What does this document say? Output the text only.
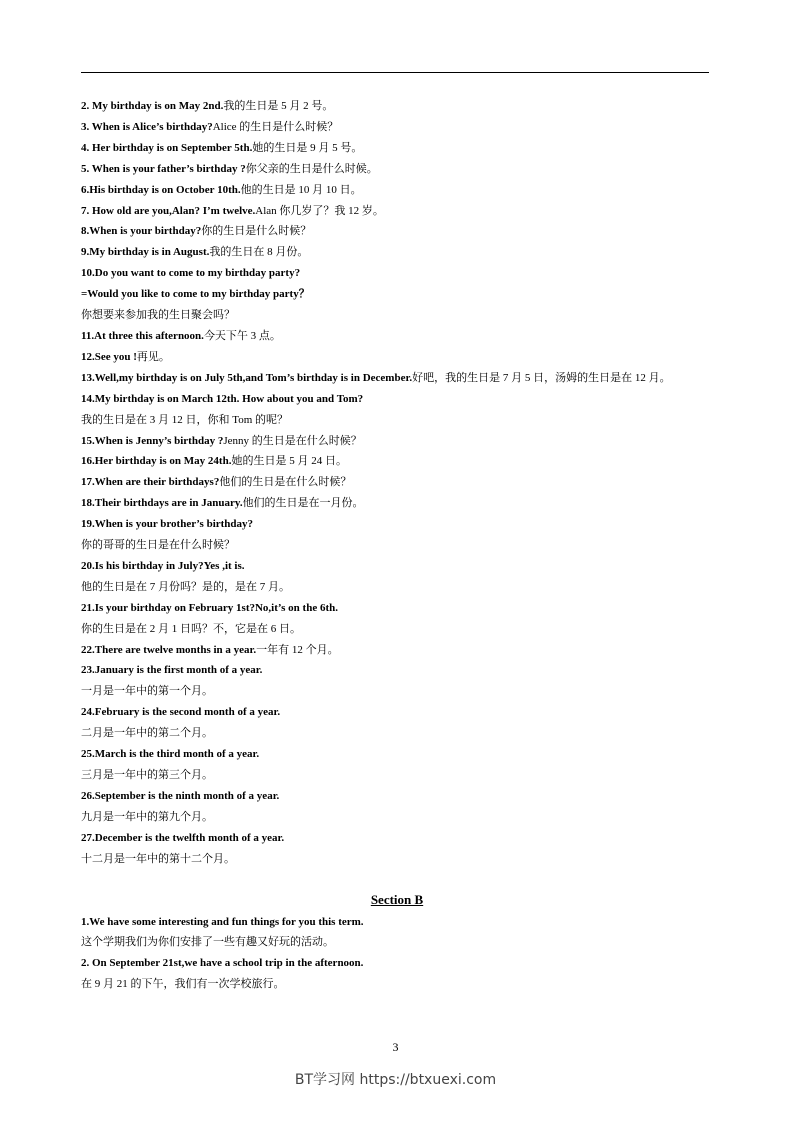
2. My birthday is on May 2nd.我的生日是 5 月 2 号。
3. When is Alice’s birthday?Alice 的生日是什么时候？
4. Her birthday is on September 5th.她的生日是 9 月 5 号。
5. When is your father’s birthday ?你父亲的生日是什么时候。
6.His birthday is on October 10th.他的生日是 10 月 10 日。
7. How old are you,Alan? I’m twelve.Alan 你几岁了？我 12 岁。
8.When is your birthday?你的生日是什么时候？
9.My birthday is in August.我的生日在 8 月份。
10.Do you want to come to my birthday party?
=Would you like to come to my birthday party？
你想要来参加我的生日聚会吗？
11.At three this afternoon.今天下午 3 点。
12.See you !再见。
13.Well,my birthday is on July 5th,and Tom’s birthday is in December.好吧，我的生日是 7 月 5 日，汤姆的生日是在 12 月。
14.My birthday is on March 12th. How about you and Tom?
我的生日是在 3 月 12 日，你和 Tom 的呢？
15.When is Jenny’s birthday ?Jenny 的生日是在什么时候？
16.Her birthday is on May 24th.她的生日是 5 月 24 日。
17.When are their birthdays?他们的生日是在什么时候？
18.Their birthdays are in January.他们的生日是在一月份。
19.When is your brother’s birthday?
你的哥哥的生日是在什么时候？
20.Is his birthday in July?Yes ,it is.
他的生日是在 7 月份吗？是的，是在 7 月。
21.Is your birthday on February 1st?No,it’s on the 6th.
你的生日是在 2 月 1 日吗？不，它是在 6 日。
22.There are twelve months in a year.一年有 12 个月。
23.January is the first month of a year.
一月是一年中的第一个月。
24.February is the second month of a year.
二月是一年中的第二个月。
25.March is the third month of a year.
三月是一年中的第三个月。
26.September is the ninth month of a year.
九月是一年中的第九个月。
27.December is the twelfth month of a year.
十二月是一年中的第十二个月。
Section B
1.We have some interesting and fun things for you this term.
这个学期我们为你们安排了一些有趣又好玩的活动。
2. On September 21st,we have a school trip in the afternoon.
在 9 月 21 的下午，我们有一次学校旅行。
3
BT学习网 https://btxuexi.com
